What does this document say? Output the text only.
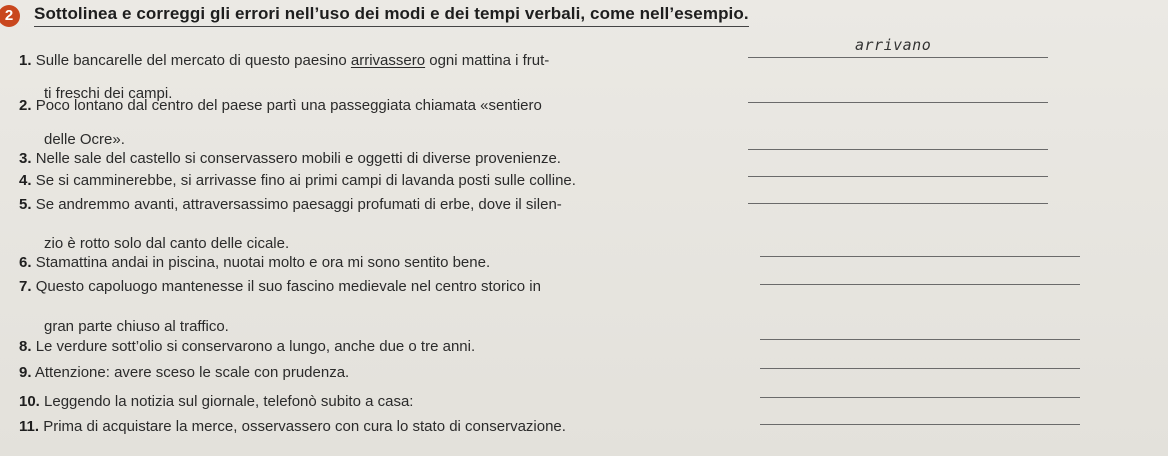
2	Sottolinea e correggi gli errori nell’uso dei modi e dei tempi verbali, come nell’esempio.
1. Sulle bancarelle del mercato di questo paesino arrivassero ogni mattina i frut-
arrivano
ti freschi dei campi.
2. Poco lontano dal centro del paese partì una passeggiata chiamata «sentiero
delle Ocre».
3. Nelle sale del castello si conservassero mobili e oggetti di diverse provenienze.
4. Se si camminerebbe, si arrivasse fino ai primi campi di lavanda posti sulle colline.
5. Se andremmo avanti, attraversassimo paesaggi profumati di erbe, dove il silen-
zio è rotto solo dal canto delle cicale.
6. Stamattina andai in piscina, nuotai molto e ora mi sono sentito bene.
7. Questo capoluogo mantenesse il suo fascino medievale nel centro storico in
gran parte chiuso al traffico.
8. Le verdure sott’olio si conservarono a lungo, anche due o tre anni.
9. Attenzione: avere sceso le scale con prudenza.
10. Leggendo la notizia sul giornale, telefonò subito a casa:
11. Prima di acquistare la merce, osservassero con cura lo stato di conservazione.
